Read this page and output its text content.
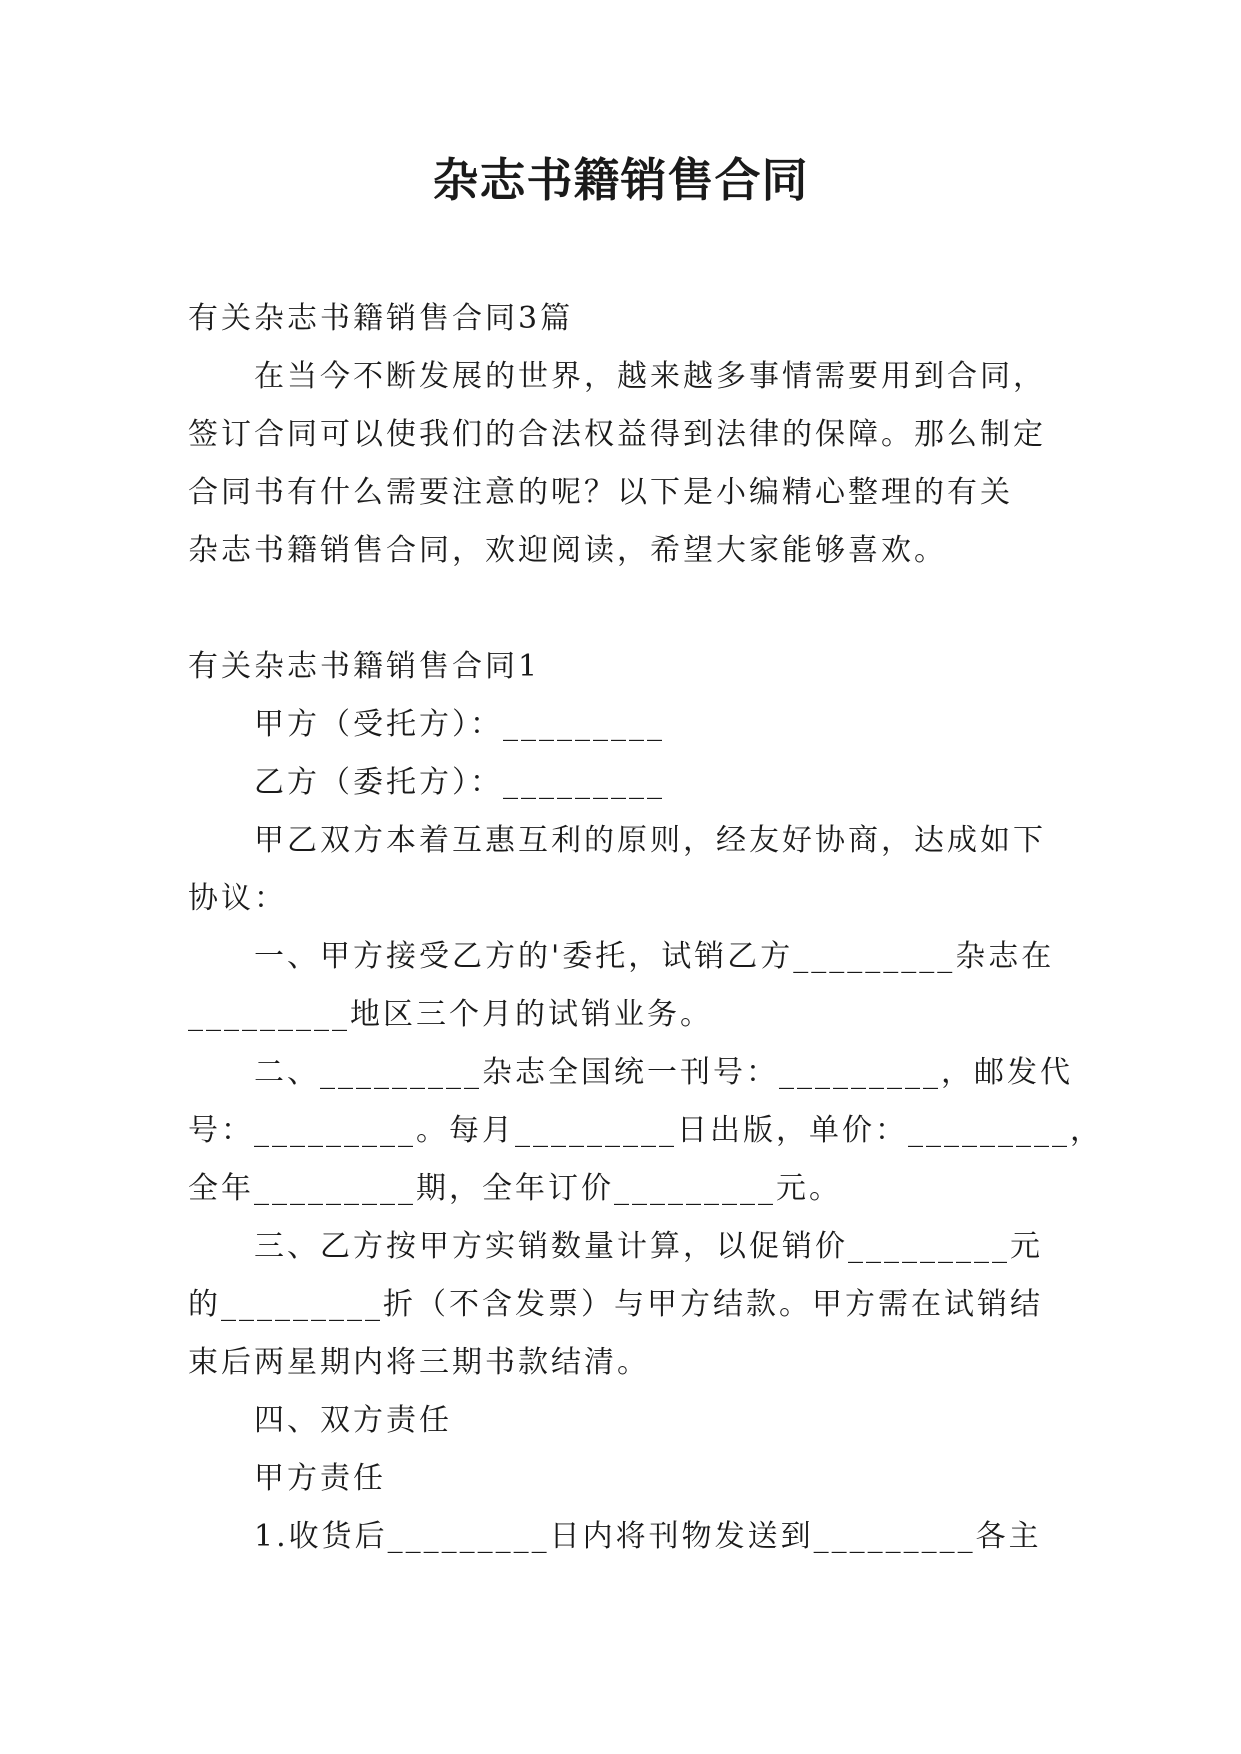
杂志书籍销售合同
有关杂志书籍销售合同3篇
在当今不断发展的世界，越来越多事情需要用到合同，
签订合同可以使我们的合法权益得到法律的保障。那么制定
合同书有什么需要注意的呢？以下是小编精心整理的有关
杂志书籍销售合同，欢迎阅读，希望大家能够喜欢。
有关杂志书籍销售合同1
甲方（受托方）：_________
乙方（委托方）：_________
甲乙双方本着互惠互利的原则，经友好协商，达成如下
协议：
一、甲方接受乙方的'委托，试销乙方_________杂志在
_________地区三个月的试销业务。
二、_________杂志全国统一刊号：_________，邮发代
号：_________。每月_________日出版，单价：_________，
全年_________期，全年订价_________元。
三、乙方按甲方实销数量计算，以促销价_________元
的_________折（不含发票）与甲方结款。甲方需在试销结
束后两星期内将三期书款结清。
四、双方责任
甲方责任
1.收货后_________日内将刊物发送到_________各主
